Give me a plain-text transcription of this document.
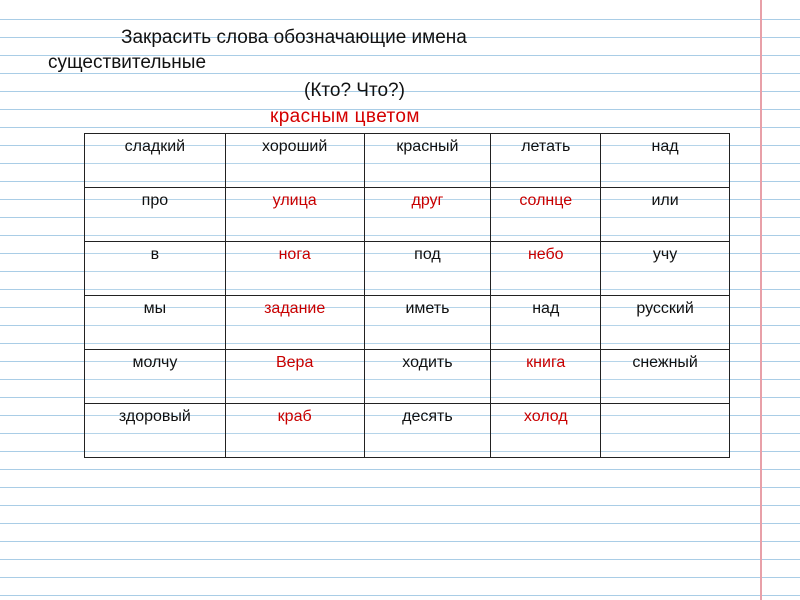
Закрасить слова обозначающие имена
существительные
(Кто? Что?)
красным цветом
сладкий	хороший	красный	летать	над
про	улица	друг	солнце	или
в	нога	под	небо	учу
мы	задание	иметь	над	русский
молчу	Вера	ходить	книга	снежный
здоровый	краб	десять	холод	
